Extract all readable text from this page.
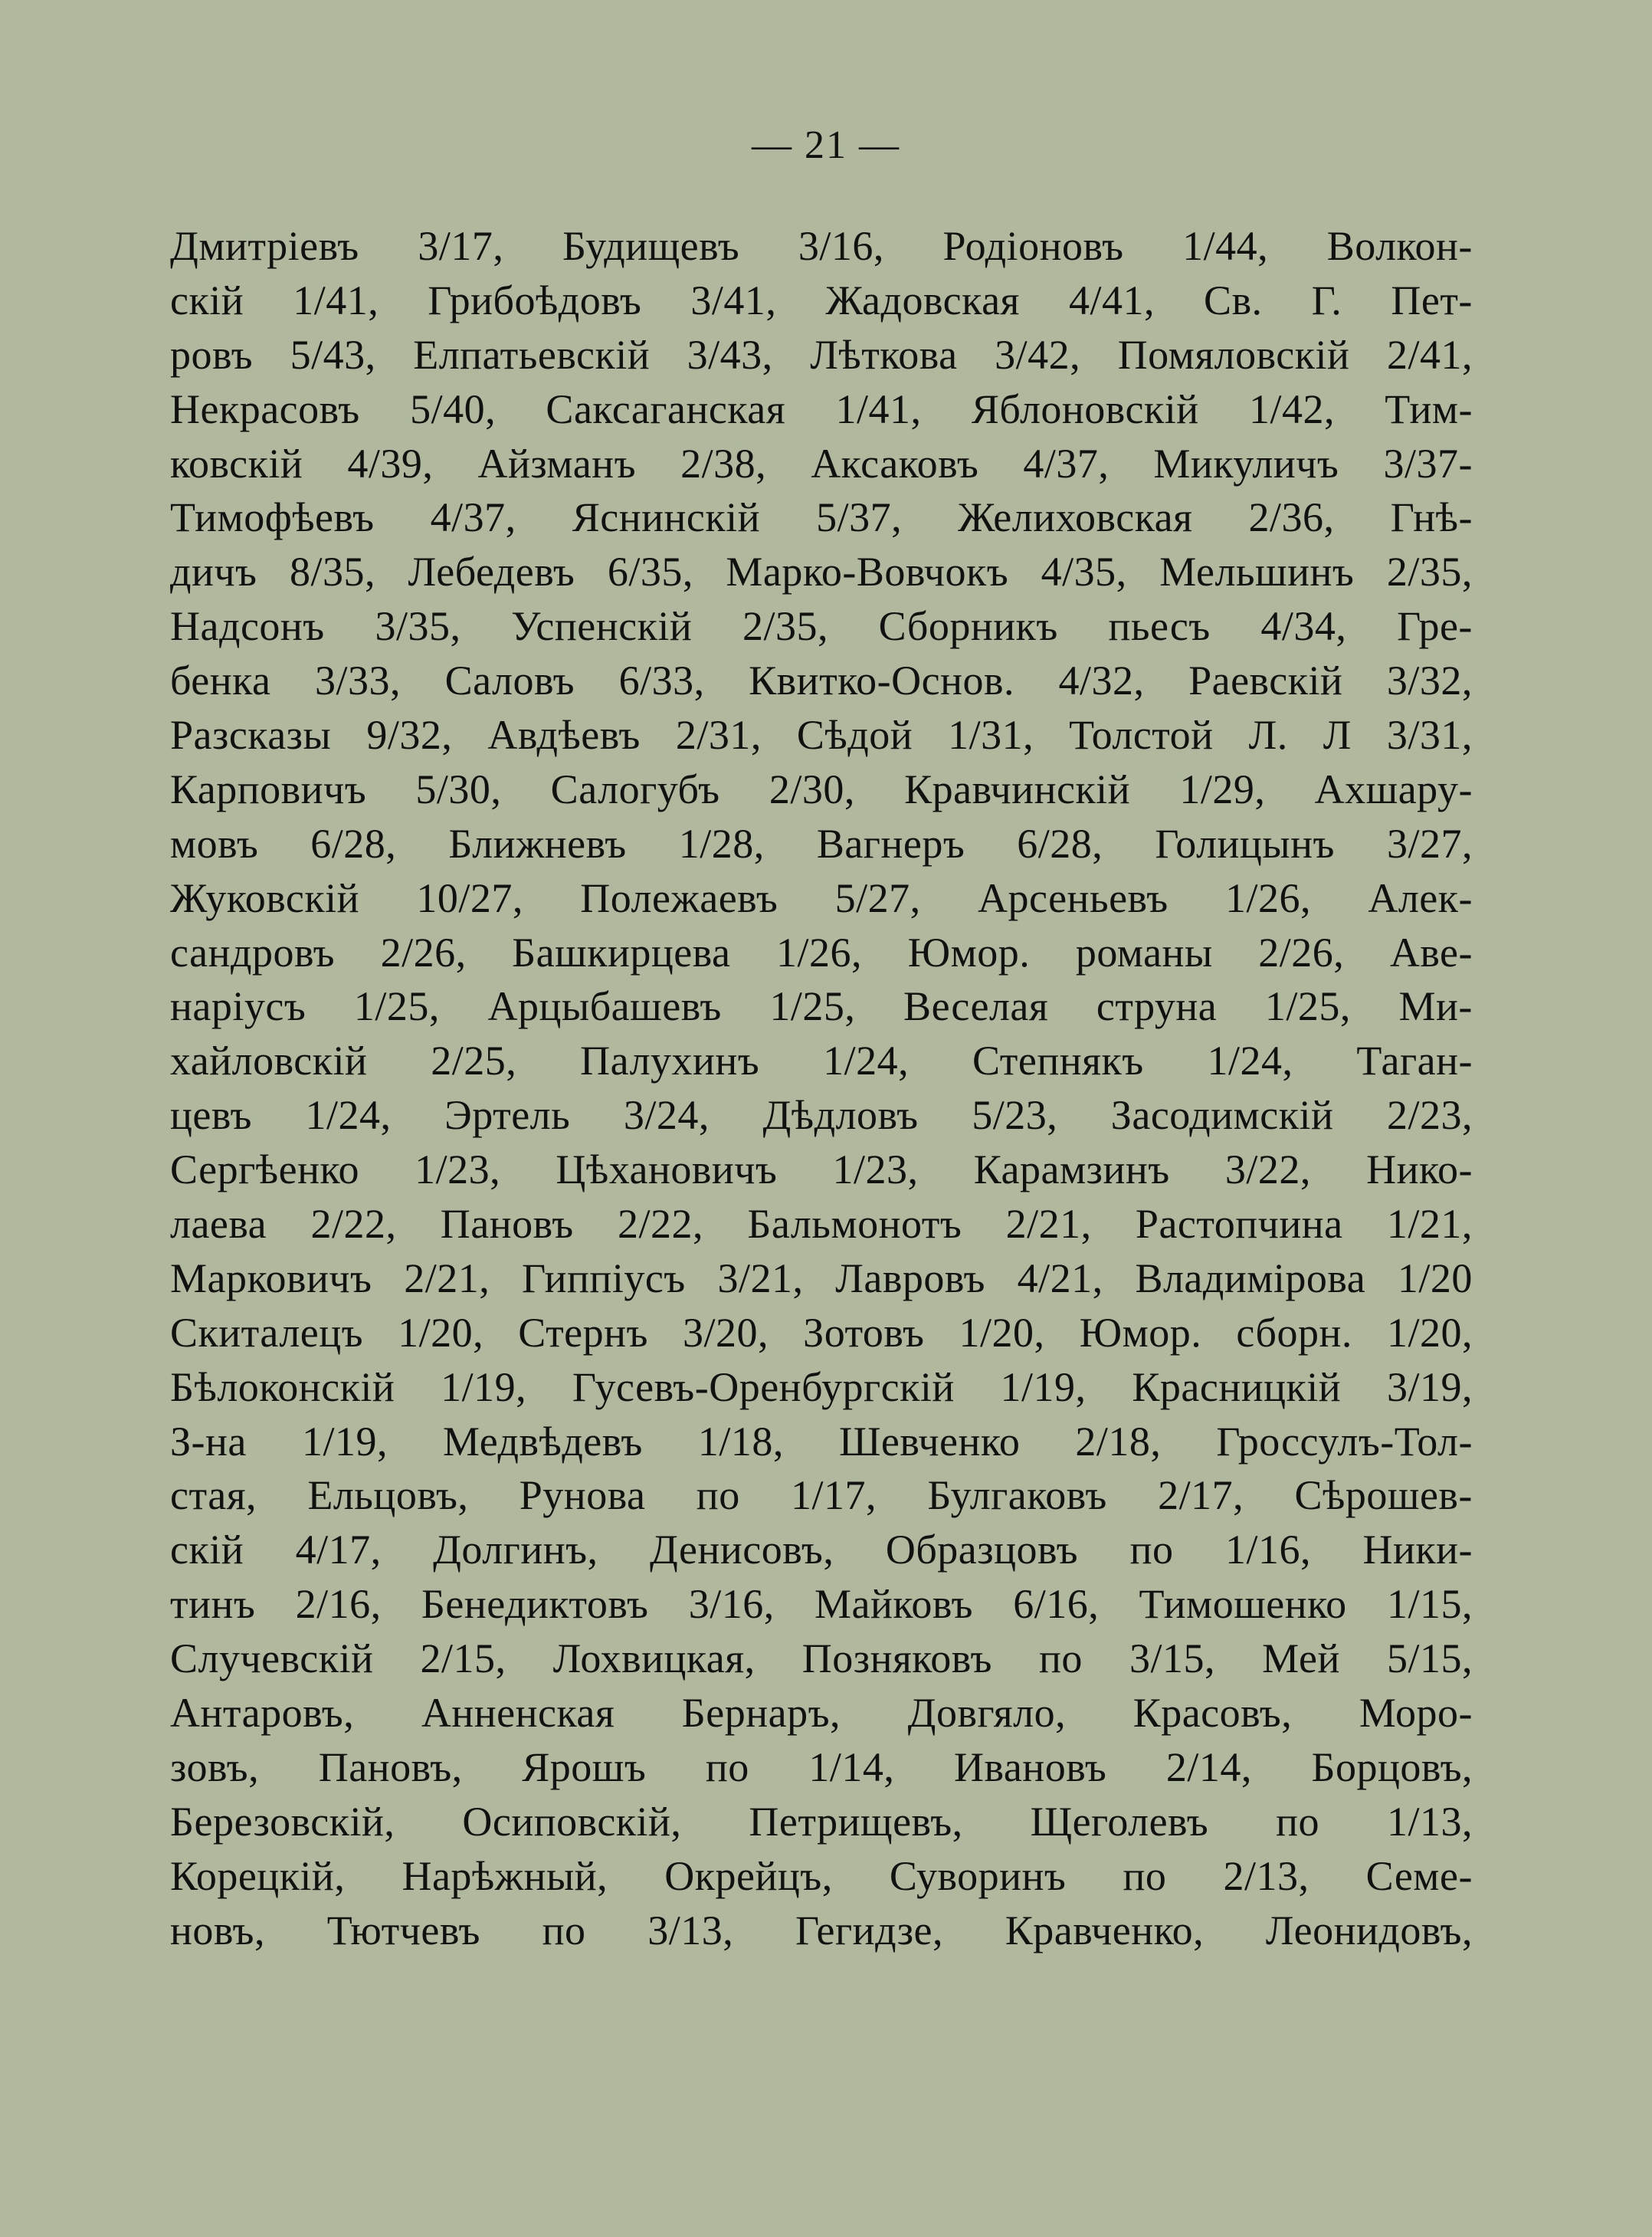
— 21 —
Дмитріевъ 3/17, Будищевъ 3/16, Родіоновъ 1/44, Волкон-
скій 1/41, Грибоѣдовъ 3/41, Жадовская 4/41, Св. Г. Пет-
ровъ 5/43, Елпатьевскій 3/43, Лѣткова 3/42, Помяловскій 2/41,
Некрасовъ 5/40, Саксаганская 1/41, Яблоновскій 1/42, Тим-
ковскій 4/39, Айзманъ 2/38, Аксаковъ 4/37, Микуличъ 3/37-
Тимофѣевъ 4/37, Яснинскій 5/37, Желиховская 2/36, Гнѣ-
дичъ 8/35, Лебедевъ 6/35, Марко-Вовчокъ 4/35, Мельшинъ 2/35,
Надсонъ 3/35, Успенскій 2/35, Сборникъ пьесъ 4/34, Гре-
бенка 3/33, Саловъ 6/33, Квитко-Основ. 4/32, Раевскій 3/32,
Разсказы 9/32, Авдѣевъ 2/31, Сѣдой 1/31, Толстой Л. Л 3/31,
Карповичъ 5/30, Салогубъ 2/30, Кравчинскій 1/29, Ахшару-
мовъ 6/28, Ближневъ 1/28, Вагнеръ 6/28, Голицынъ 3/27,
Жуковскій 10/27, Полежаевъ 5/27, Арсеньевъ 1/26, Алек-
сандровъ 2/26, Башкирцева 1/26, Юмор. романы 2/26, Аве-
наріусъ 1/25, Арцыбашевъ 1/25, Веселая струна 1/25, Ми-
хайловскій 2/25, Палухинъ 1/24, Степнякъ 1/24, Таган-
цевъ 1/24, Эртель 3/24, Дѣдловъ 5/23, Засодимскій 2/23,
Сергѣенко 1/23, Цѣхановичъ 1/23, Карамзинъ 3/22, Нико-
лаева 2/22, Пановъ 2/22, Бальмонотъ 2/21, Растопчина 1/21,
Марковичъ 2/21, Гиппіусъ 3/21, Лавровъ 4/21, Владимірова 1/20
Скиталецъ 1/20, Стернъ 3/20, Зотовъ 1/20, Юмор. сборн. 1/20,
Бѣлоконскій 1/19, Гусевъ-Оренбургскій 1/19, Красницкій 3/19,
З-на 1/19, Медвѣдевъ 1/18, Шевченко 2/18, Гроссулъ-Тол-
стая, Ельцовъ, Рунова по 1/17, Булгаковъ 2/17, Сѣрошев-
скій 4/17, Долгинъ, Денисовъ, Образцовъ по 1/16, Ники-
тинъ 2/16, Бенедиктовъ 3/16, Майковъ 6/16, Тимошенко 1/15,
Случевскій 2/15, Лохвицкая, Позняковъ по 3/15, Мей 5/15,
Антаровъ, Анненская Бернаръ, Довгяло, Красовъ, Моро-
зовъ, Пановъ, Ярошъ по 1/14, Ивановъ 2/14, Борцовъ,
Березовскій, Осиповскій, Петрищевъ, Щеголевъ по 1/13,
Корецкій, Нарѣжный, Окрейцъ, Суворинъ по 2/13, Семе-
новъ, Тютчевъ по 3/13, Гегидзе, Кравченко, Леонидовъ,
